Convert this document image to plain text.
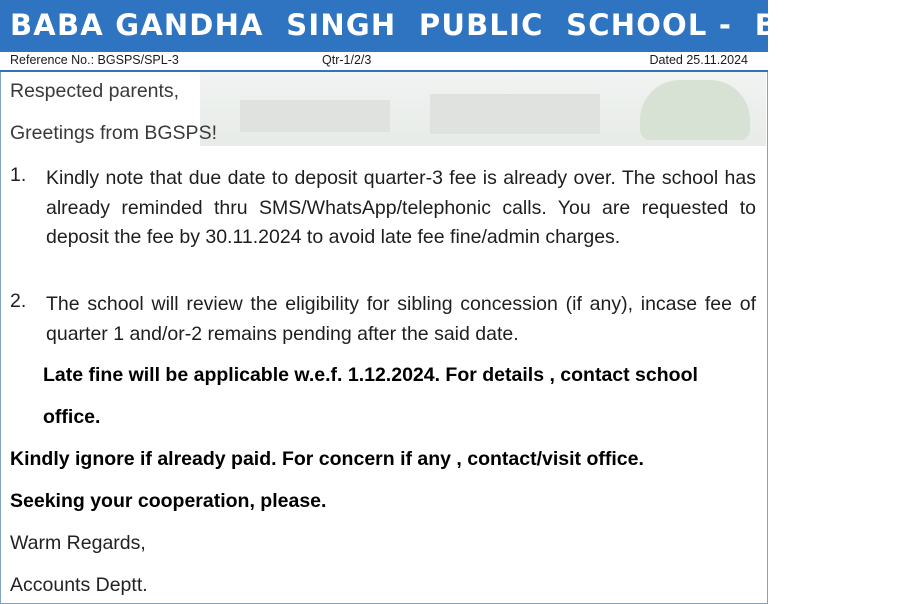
BABA GANDHA  SINGH  PUBLIC  SCHOOL -  BARNALA
Reference No.: BGSPS/SPL-3	Qtr-1/2/3	Dated 25.11.2024
Respected parents,
Greetings from BGSPS!
1. Kindly note that due date to deposit quarter-3 fee is already over. The school has already reminded thru SMS/WhatsApp/telephonic calls. You are requested to deposit the fee by 30.11.2024 to avoid late fee fine/admin charges.
2. The school will review the eligibility for sibling concession (if any), incase fee of quarter 1 and/or-2 remains pending after the said date.
Late fine will be applicable w.e.f. 1.12.2024. For details , contact school office.
Kindly ignore if already paid. For concern if any , contact/visit office.
Seeking your cooperation, please.
Warm Regards,
Accounts Deptt.
